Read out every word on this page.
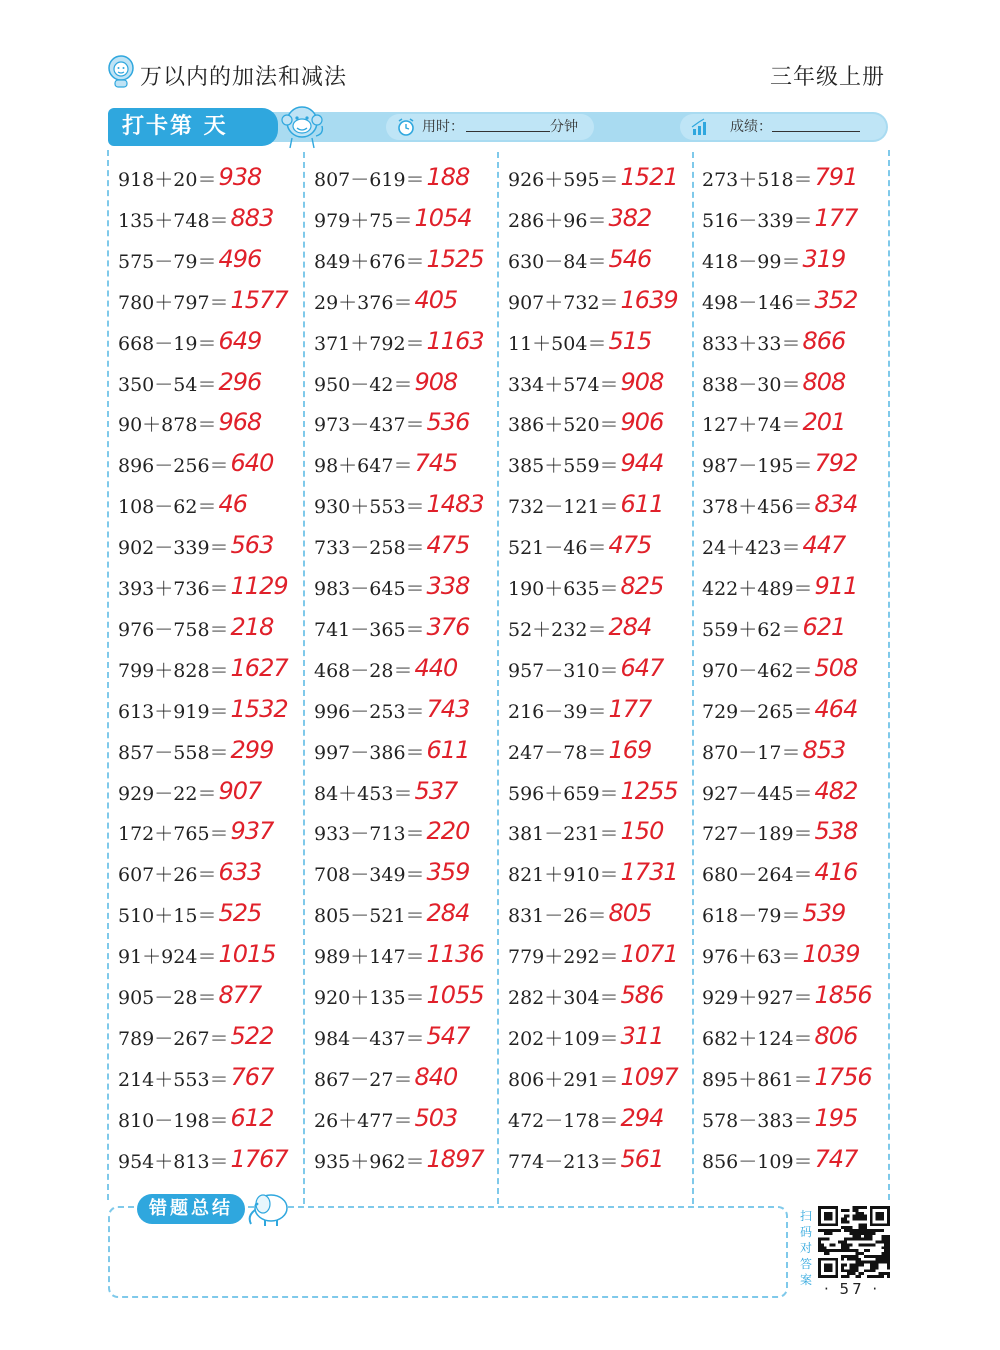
万以内的加法和减法	三年级上册
打卡第 天	用时：	分钟	成绩：
918＋20＝938
135＋748＝883
575－79＝496
780＋797＝1577
668－19＝649
350－54＝296
90＋878＝968
896－256＝640
108－62＝46
902－339＝563
393＋736＝1129
976－758＝218
799＋828＝1627
613＋919＝1532
857－558＝299
929－22＝907
172＋765＝937
607＋26＝633
510＋15＝525
91＋924＝1015
905－28＝877
789－267＝522
214＋553＝767
810－198＝612
954＋813＝1767
807－619＝188
979＋75＝1054
849＋676＝1525
29＋376＝405
371＋792＝1163
950－42＝908
973－437＝536
98＋647＝745
930＋553＝1483
733－258＝475
983－645＝338
741－365＝376
468－28＝440
996－253＝743
997－386＝611
84＋453＝537
933－713＝220
708－349＝359
805－521＝284
989＋147＝1136
920＋135＝1055
984－437＝547
867－27＝840
26＋477＝503
935＋962＝1897
926＋595＝1521
286＋96＝382
630－84＝546
907＋732＝1639
11＋504＝515
334＋574＝908
386＋520＝906
385＋559＝944
732－121＝611
521－46＝475
190＋635＝825
52＋232＝284
957－310＝647
216－39＝177
247－78＝169
596＋659＝1255
381－231＝150
821＋910＝1731
831－26＝805
779＋292＝1071
282＋304＝586
202＋109＝311
806＋291＝1097
472－178＝294
774－213＝561
273＋518＝791
516－339＝177
418－99＝319
498－146＝352
833＋33＝866
838－30＝808
127＋74＝201
987－195＝792
378＋456＝834
24＋423＝447
422＋489＝911
559＋62＝621
970－462＝508
729－265＝464
870－17＝853
927－445＝482
727－189＝538
680－264＝416
618－79＝539
976＋63＝1039
929＋927＝1856
682＋124＝806
895＋861＝1756
578－383＝195
856－109＝747
错题总结	扫码对答案 · 57 ·
